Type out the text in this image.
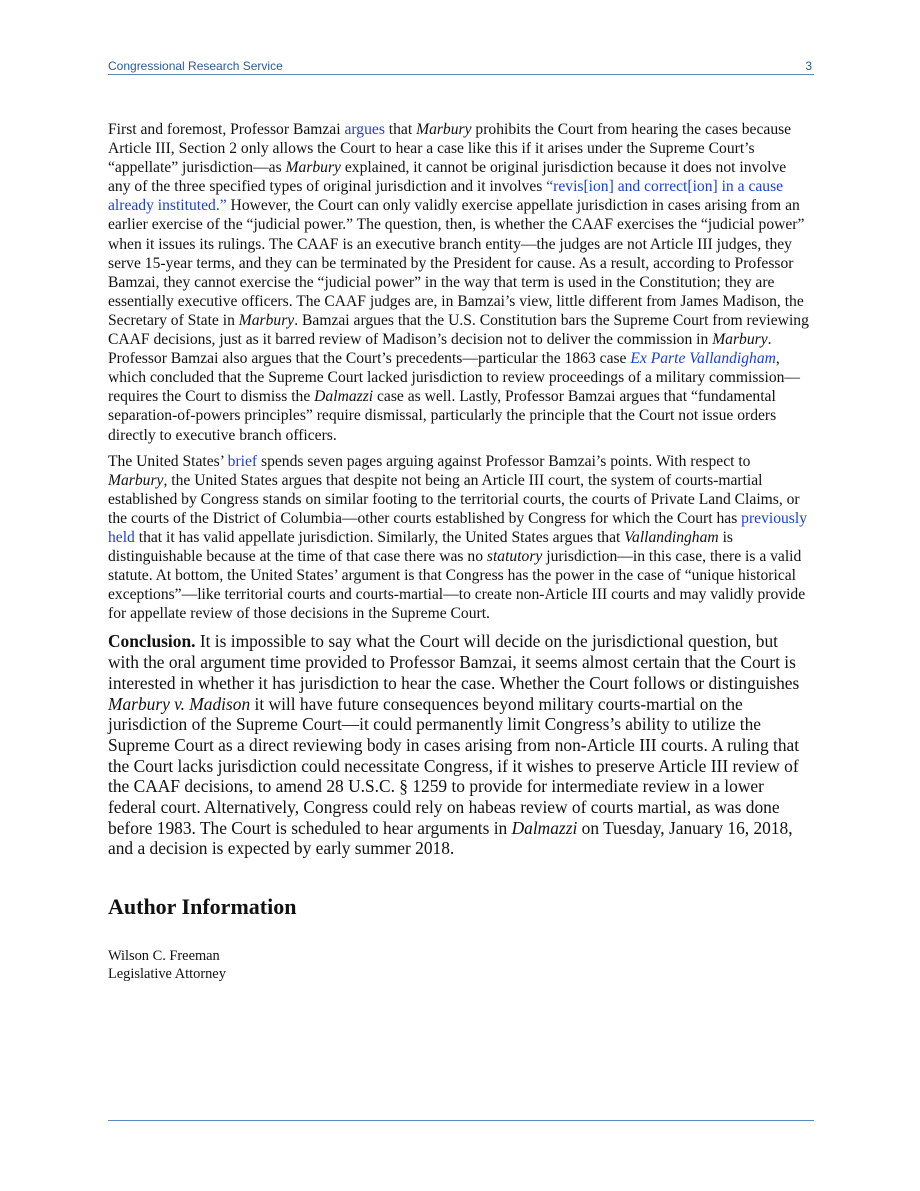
Congressional Research Service	3

First and foremost, Professor Bamzai argues that Marbury prohibits the Court from hearing the cases because Article III, Section 2 only allows the Court to hear a case like this if it arises under the Supreme Court’s “appellate” jurisdiction—as Marbury explained, it cannot be original jurisdiction because it does not involve any of the three specified types of original jurisdiction and it involves “revis[ion] and correct[ion] in a cause already instituted.” However, the Court can only validly exercise appellate jurisdiction in cases arising from an earlier exercise of the “judicial power.” The question, then, is whether the CAAF exercises the “judicial power” when it issues its rulings. The CAAF is an executive branch entity—the judges are not Article III judges, they serve 15-year terms, and they can be terminated by the President for cause. As a result, according to Professor Bamzai, they cannot exercise the “judicial power” in the way that term is used in the Constitution; they are essentially executive officers. The CAAF judges are, in Bamzai’s view, little different from James Madison, the Secretary of State in Marbury. Bamzai argues that the U.S. Constitution bars the Supreme Court from reviewing CAAF decisions, just as it barred review of Madison’s decision not to deliver the commission in Marbury. Professor Bamzai also argues that the Court’s precedents—particular the 1863 case Ex Parte Vallandigham, which concluded that the Supreme Court lacked jurisdiction to review proceedings of a military commission—requires the Court to dismiss the Dalmazzi case as well. Lastly, Professor Bamzai argues that “fundamental separation-of-powers principles” require dismissal, particularly the principle that the Court not issue orders directly to executive branch officers.

The United States’ brief spends seven pages arguing against Professor Bamzai’s points. With respect to Marbury, the United States argues that despite not being an Article III court, the system of courts-martial established by Congress stands on similar footing to the territorial courts, the courts of Private Land Claims, or the courts of the District of Columbia—other courts established by Congress for which the Court has previously held that it has valid appellate jurisdiction. Similarly, the United States argues that Vallandingham is distinguishable because at the time of that case there was no statutory jurisdiction—in this case, there is a valid statute. At bottom, the United States’ argument is that Congress has the power in the case of “unique historical exceptions”—like territorial courts and courts-martial—to create non-Article III courts and may validly provide for appellate review of those decisions in the Supreme Court.

Conclusion. It is impossible to say what the Court will decide on the jurisdictional question, but with the oral argument time provided to Professor Bamzai, it seems almost certain that the Court is interested in whether it has jurisdiction to hear the case. Whether the Court follows or distinguishes Marbury v. Madison it will have future consequences beyond military courts-martial on the jurisdiction of the Supreme Court—it could permanently limit Congress’s ability to utilize the Supreme Court as a direct reviewing body in cases arising from non-Article III courts. A ruling that the Court lacks jurisdiction could necessitate Congress, if it wishes to preserve Article III review of the CAAF decisions, to amend 28 U.S.C. § 1259 to provide for intermediate review in a lower federal court. Alternatively, Congress could rely on habeas review of courts martial, as was done before 1983. The Court is scheduled to hear arguments in Dalmazzi on Tuesday, January 16, 2018, and a decision is expected by early summer 2018.

Author Information
Wilson C. Freeman
Legislative Attorney
